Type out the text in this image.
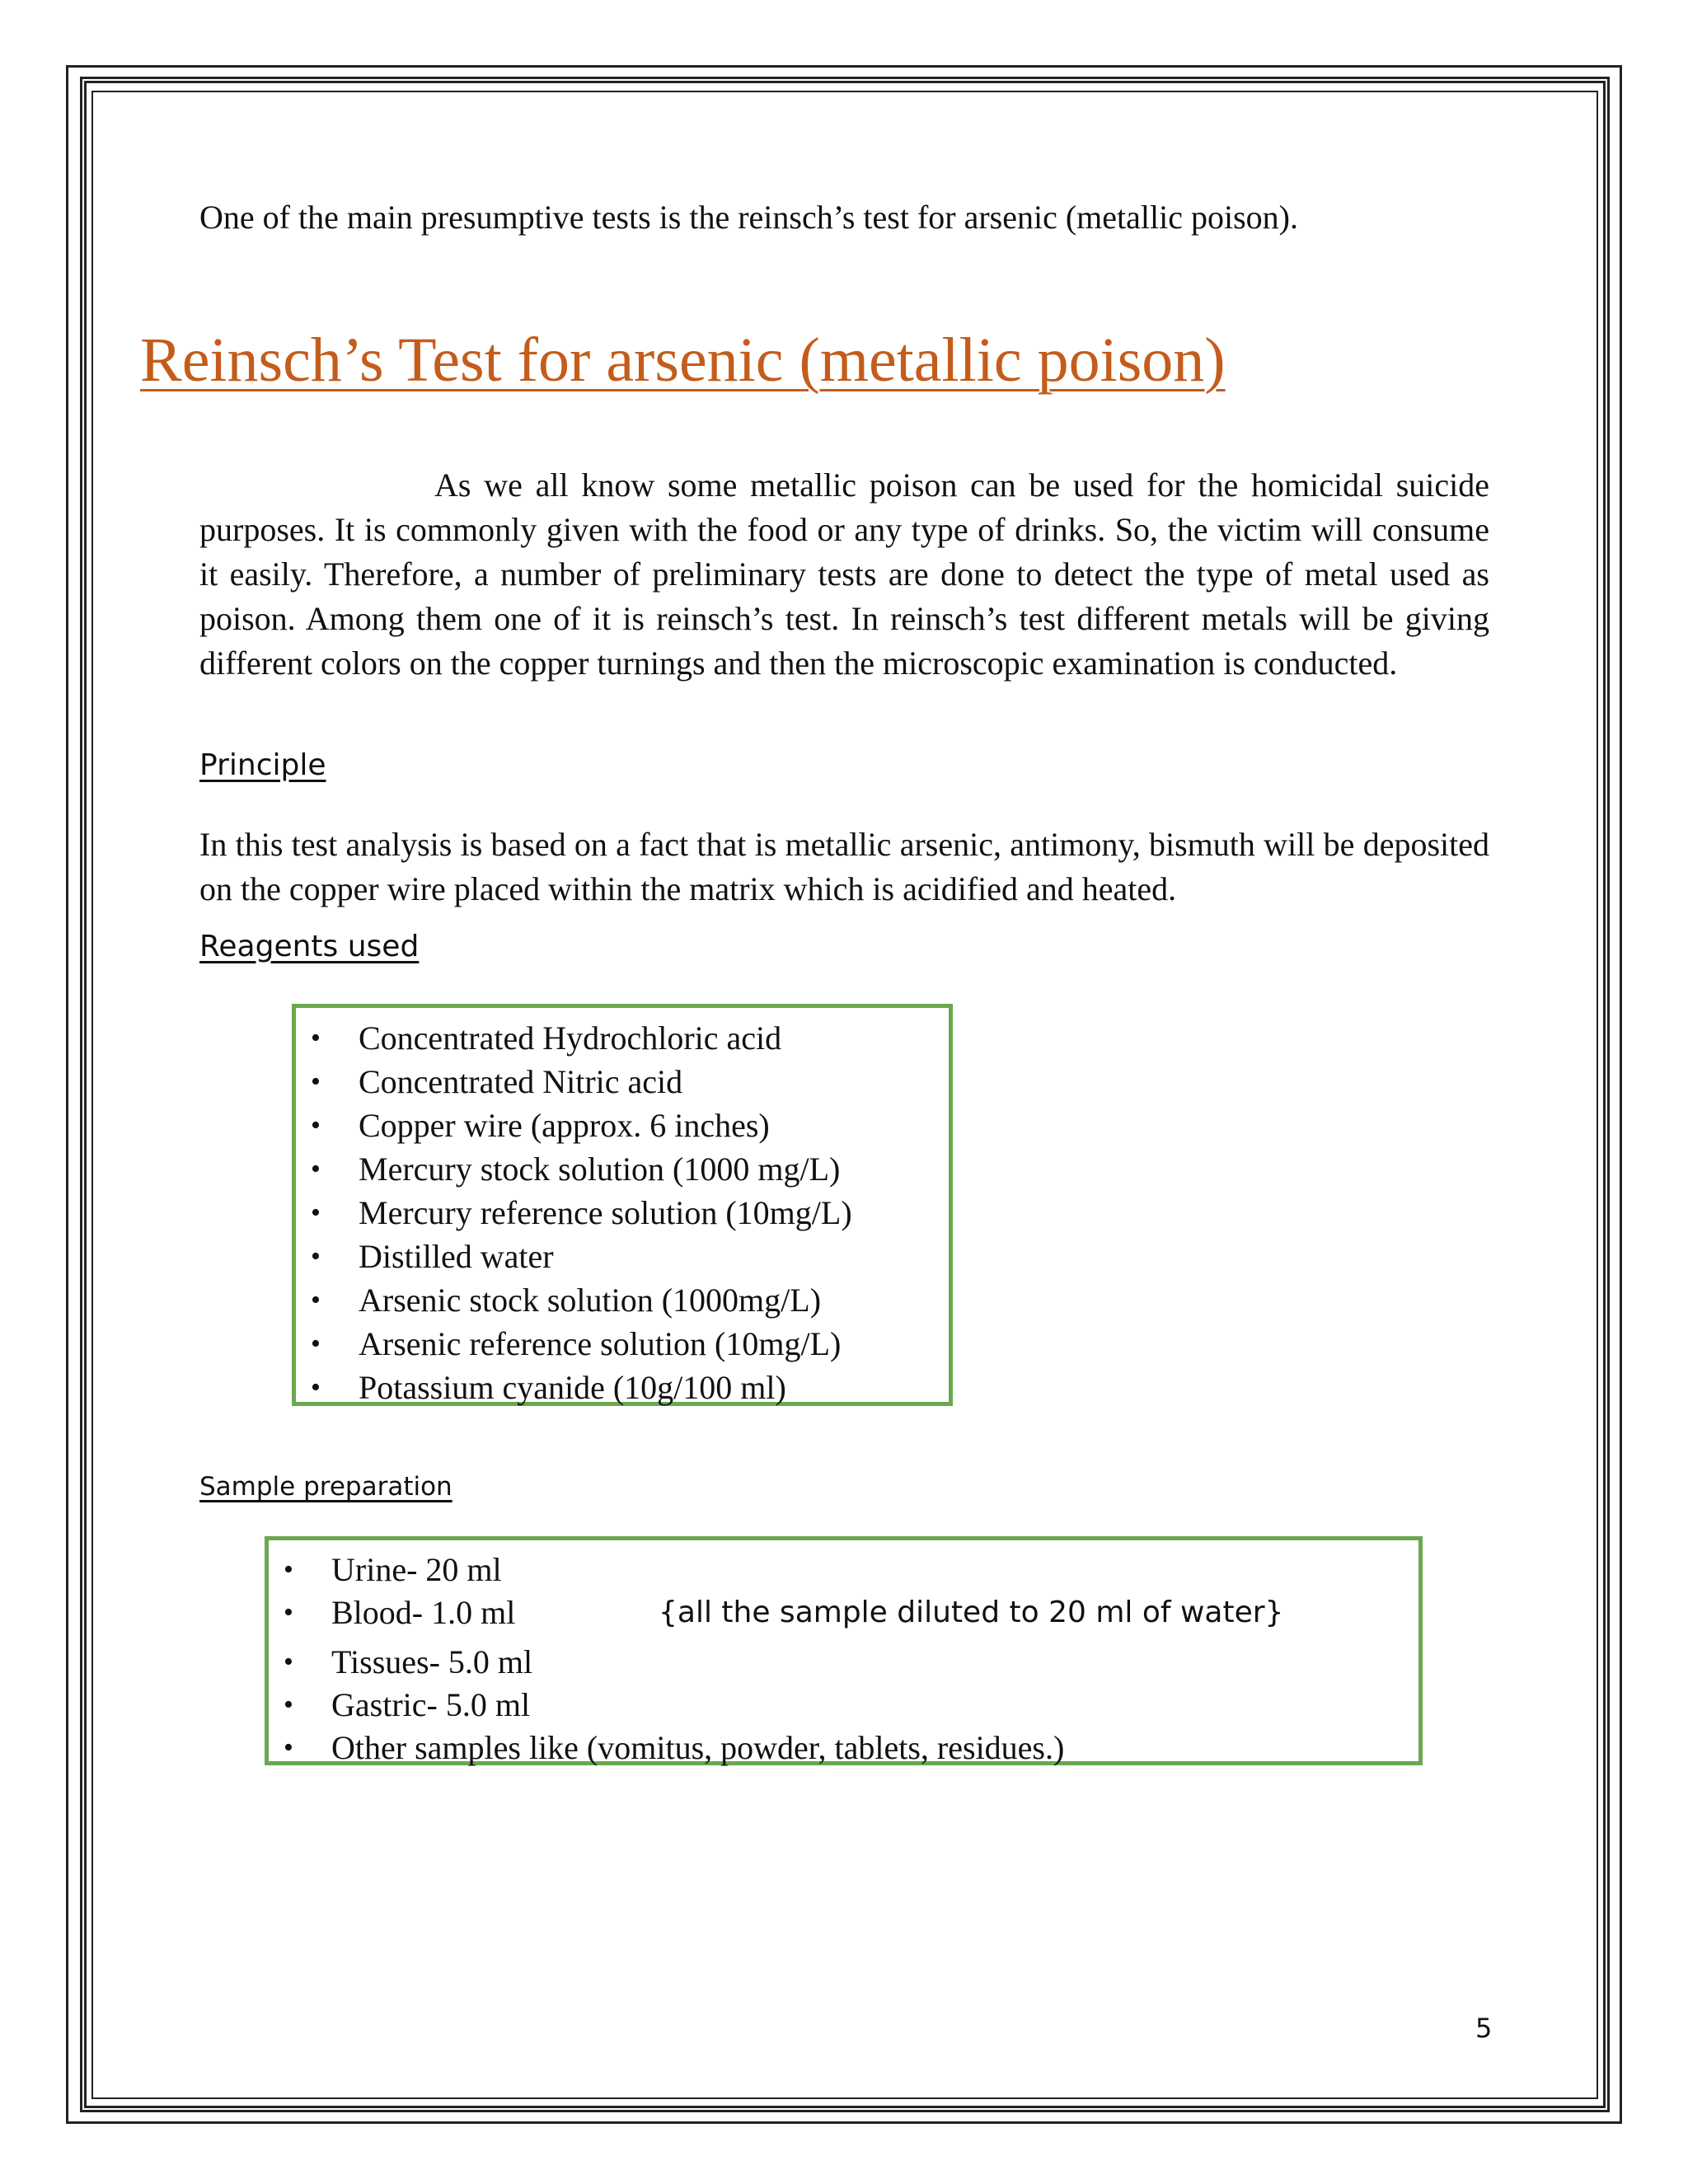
One of the main presumptive tests is the reinsch’s test for arsenic (metallic poison).

Reinsch’s Test for arsenic (metallic poison)

As we all know some metallic poison can be used for the homicidal suicide purposes. It is commonly given with the food or any type of drinks. So, the victim will consume it easily. Therefore, a number of preliminary tests are done to detect the type of metal used as poison. Among them one of it is reinsch’s test. In reinsch’s test different metals will be giving different colors on the copper turnings and then the microscopic examination is conducted.

Principle

In this test analysis is based on a fact that is metallic arsenic, antimony, bismuth will be deposited on the copper wire placed within the matrix which is acidified and heated.

Reagents used
• Concentrated Hydrochloric acid
• Concentrated Nitric acid
• Copper wire (approx. 6 inches)
• Mercury stock solution (1000 mg/L)
• Mercury reference solution (10mg/L)
• Distilled water
• Arsenic stock solution (1000mg/L)
• Arsenic reference solution (10mg/L)
• Potassium cyanide (10g/100 ml)
Sample preparation
• Urine- 20 ml
• Blood- 1.0 ml	{all the sample diluted to 20 ml of water}
• Tissues- 5.0 ml
• Gastric- 5.0 ml
• Other samples like (vomitus, powder, tablets, residues.)
5
